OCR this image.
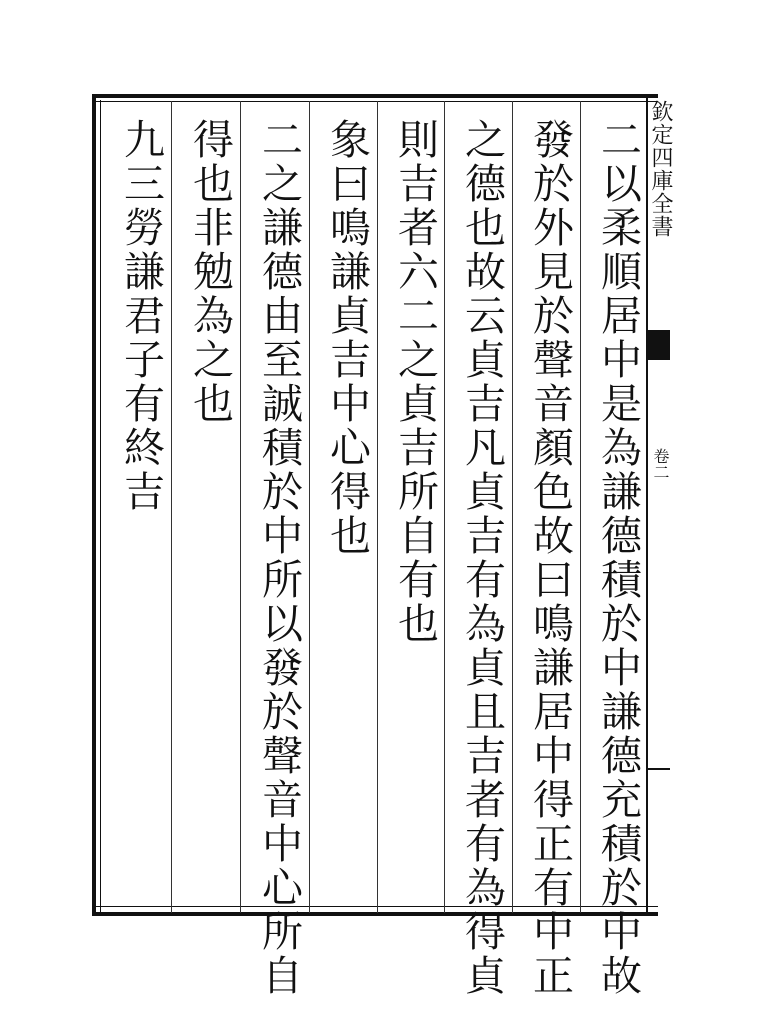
二以柔順居中是為謙德積於中謙德充積於中故
發於外見於聲音顏色故曰鳴謙居中得正有中正
之德也故云貞吉凡貞吉有為貞且吉者有為得貞
則吉者六二之貞吉所自有也
象曰鳴謙貞吉中心得也
二之謙德由至誠積於中所以發於聲音中心所自
得也非勉為之也
九三勞謙君子有終吉	欽定四庫全書
卷二
